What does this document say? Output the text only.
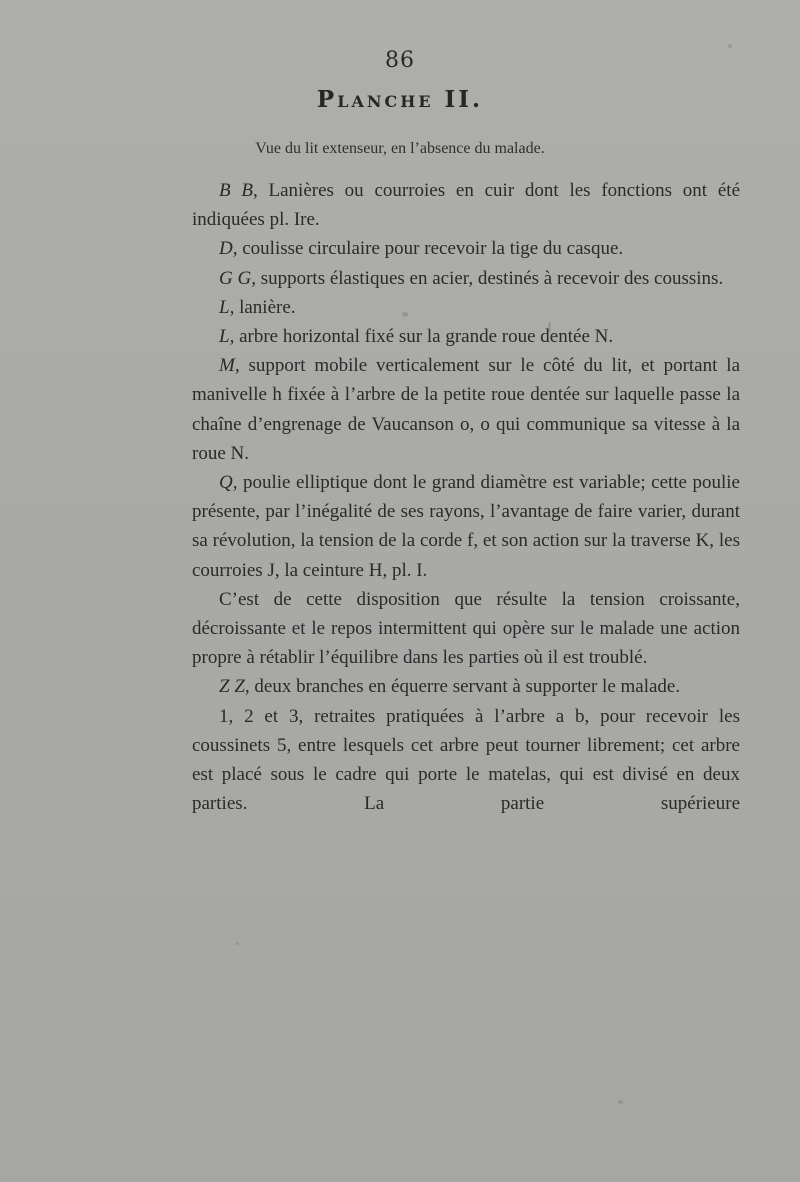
86
Planche II.
Vue du lit extenseur, en l’absence du malade.

B B, Lanières ou courroies en cuir dont les fonctions ont été indiquées pl. Ire.

D, coulisse circulaire pour recevoir la tige du casque.

G G, supports élastiques en acier, destinés à recevoir des coussins.

L, lanière.

L, arbre horizontal fixé sur la grande roue dentée N.

M, support mobile verticalement sur le côté du lit, et portant la manivelle h fixée à l’arbre de la petite roue dentée sur laquelle passe la chaîne d’engrenage de Vaucanson o, o qui communique sa vitesse à la roue N.

Q, poulie elliptique dont le grand diamètre est variable; cette poulie présente, par l’inégalité de ses rayons, l’avantage de faire varier, durant sa révolution, la tension de la corde f, et son action sur la traverse K, les courroies J, la ceinture H, pl. I.

C’est de cette disposition que résulte la tension croissante, décroissante et le repos intermittent qui opère sur le malade une action propre à rétablir l’équilibre dans les parties où il est troublé.

Z Z, deux branches en équerre servant à supporter le malade.

1, 2 et 3, retraites pratiquées à l’arbre a b, pour recevoir les coussinets 5, entre lesquels cet arbre peut tourner librement; cet arbre est placé sous le cadre qui porte le matelas, qui est divisé en deux parties. La partie supérieure
